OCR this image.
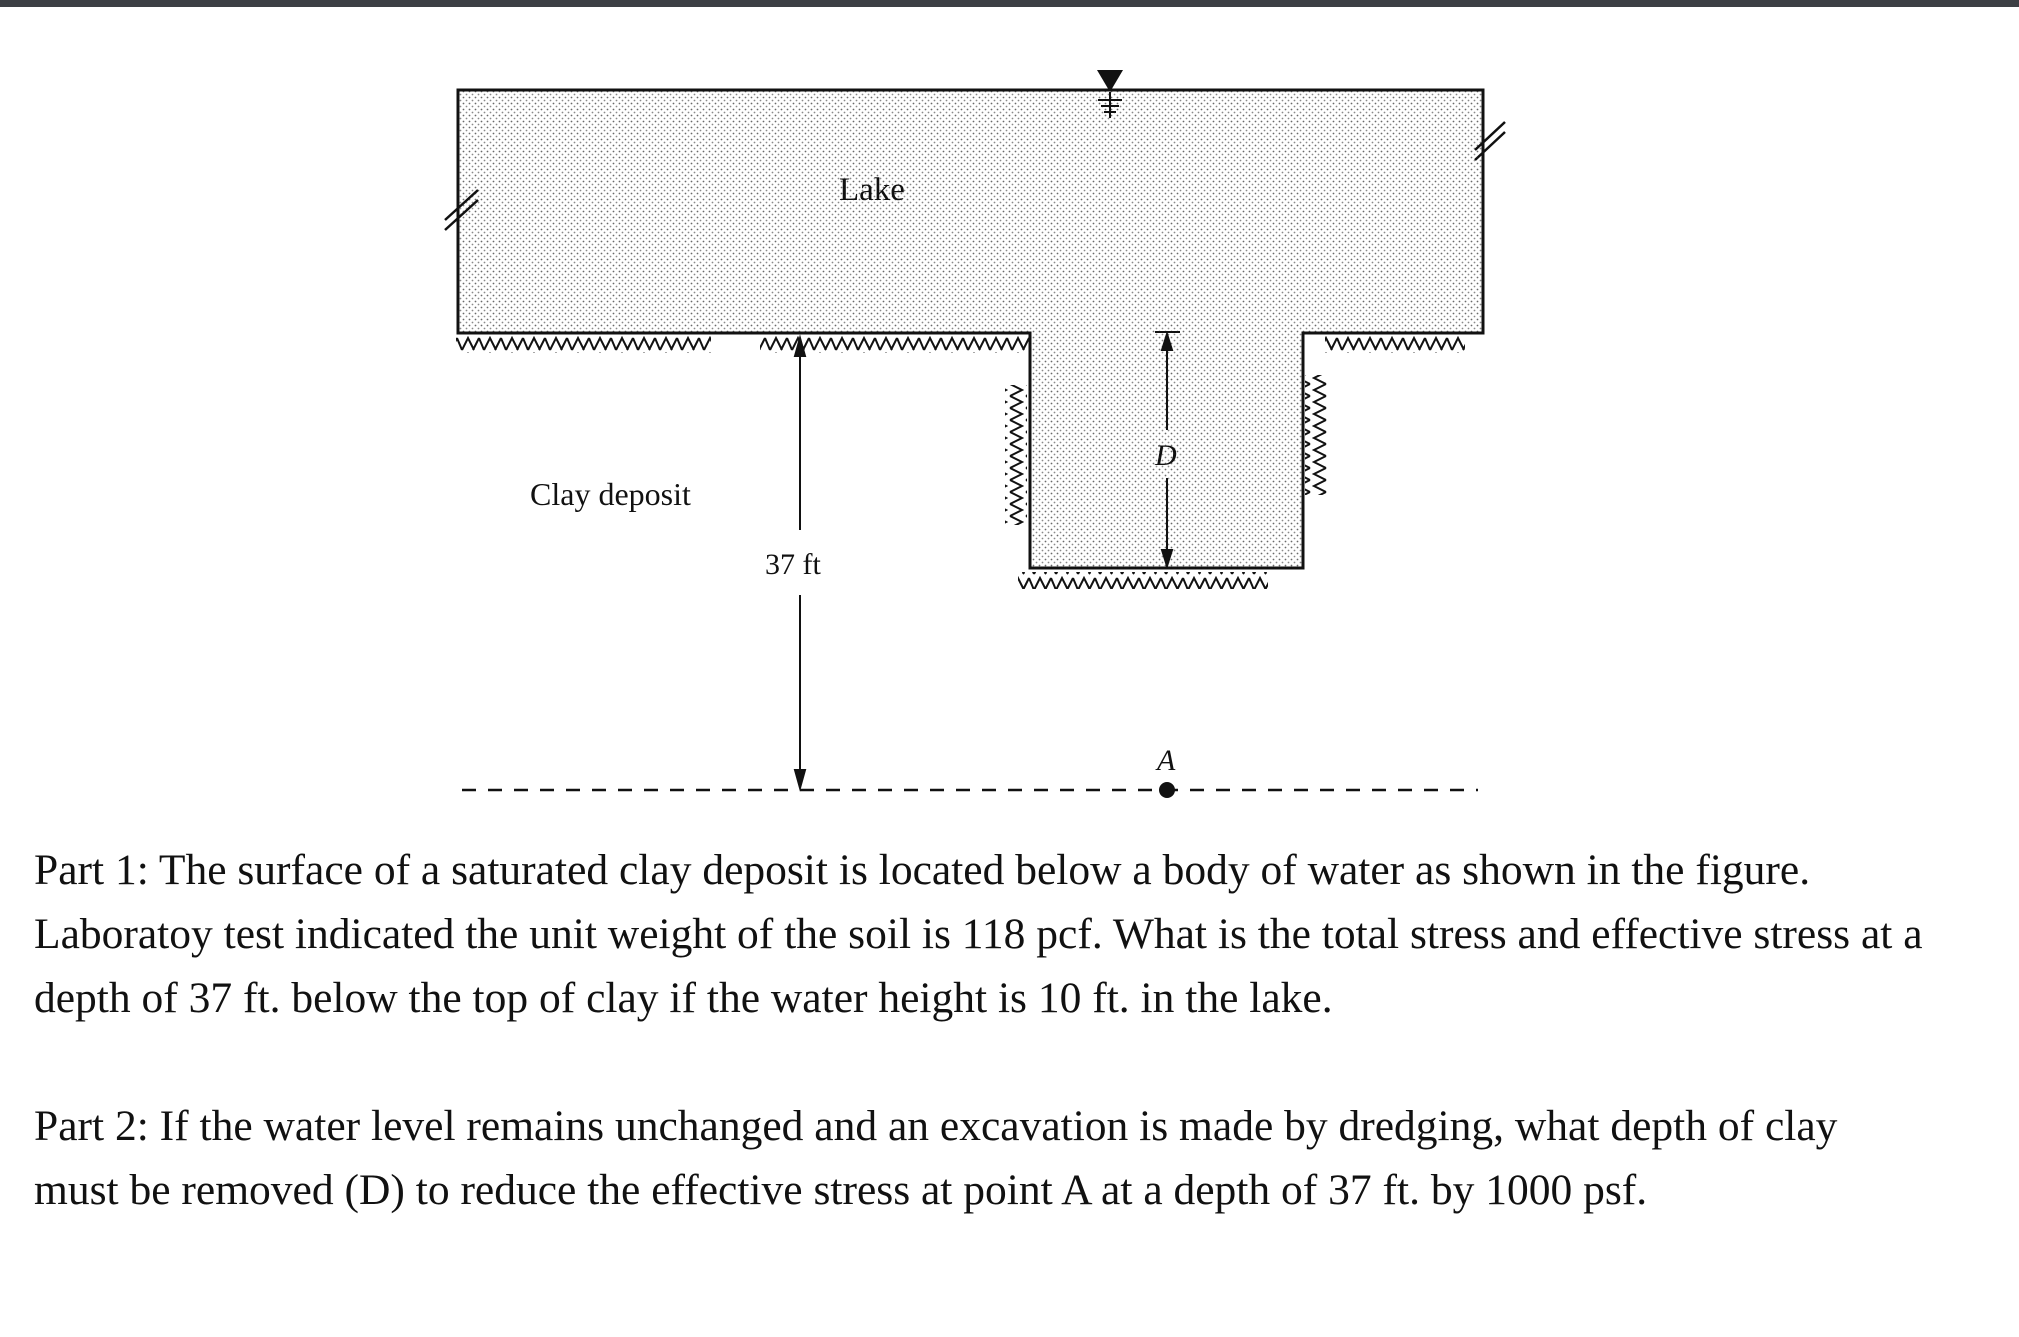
D
37 ft
A
Lake
Clay deposit

Part 1: The surface of a saturated clay deposit is located below a body of water as shown in the figure. Laboratoy test indicated the unit weight of the soil is 118 pcf. What is the total stress and effective stress at a depth of 37 ft. below the top of clay if the water height is 10 ft. in the lake.

Part 2: If the water level remains unchanged and an excavation is made by dredging, what depth of clay must be removed (D) to reduce the effective stress at point A at a depth of 37 ft. by 1000 psf.
